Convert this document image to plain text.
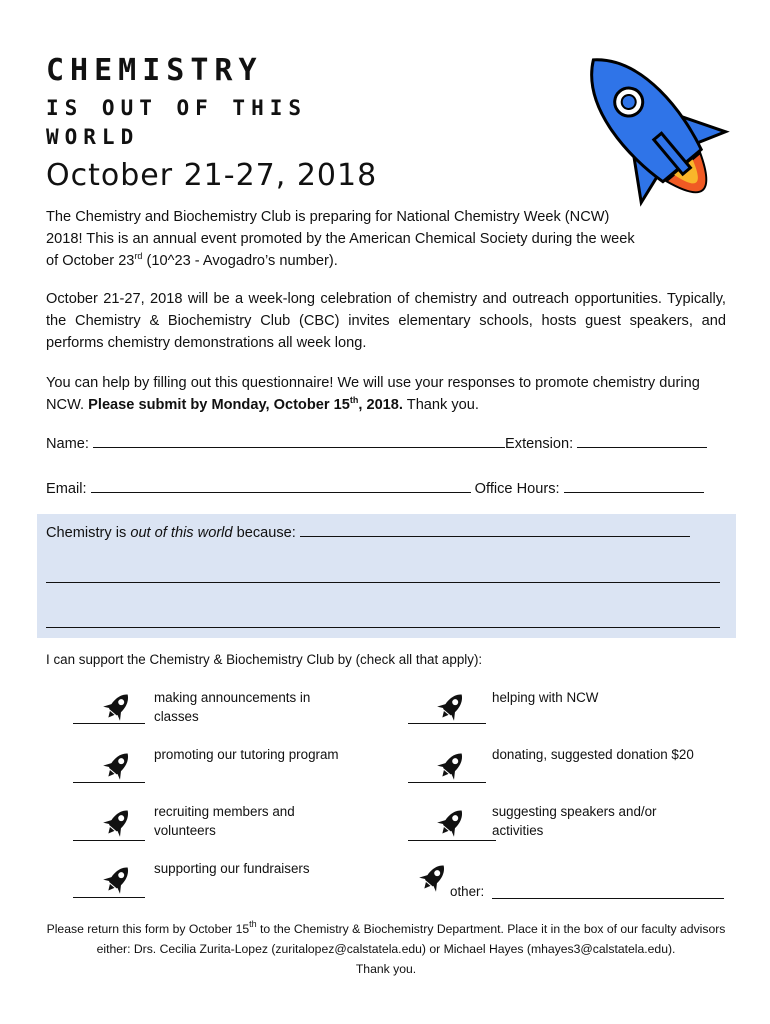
CHEMISTRY
IS OUT OF THIS
WORLD
October 21-27, 2018
The Chemistry and Biochemistry Club is preparing for National Chemistry Week (NCW) 2018! This is an annual event promoted by the American Chemical Society during the week of October 23rd (10^23 - Avogadro’s number).
October 21-27, 2018 will be a week-long celebration of chemistry and outreach opportunities. Typically, the Chemistry & Biochemistry Club (CBC) invites elementary schools, hosts guest speakers, and performs chemistry demonstrations all week long.
You can help by filling out this questionnaire! We will use your responses to promote chemistry during NCW. Please submit by Monday, October 15th, 2018. Thank you.
Name:	Extension:
Email:	Office Hours:
Chemistry is out of this world because:
I can support the Chemistry & Biochemistry Club by (check all that apply):
making announcements in classes
promoting our tutoring program
recruiting members and volunteers
supporting our fundraisers
helping with NCW
donating, suggested donation $20
suggesting speakers and/or activities
other:
Please return this form by October 15th to the Chemistry & Biochemistry Department. Place it in the box of our faculty advisors either: Drs. Cecilia Zurita-Lopez (zuritalopez@calstatela.edu) or Michael Hayes (mhayes3@calstatela.edu).
Thank you.
